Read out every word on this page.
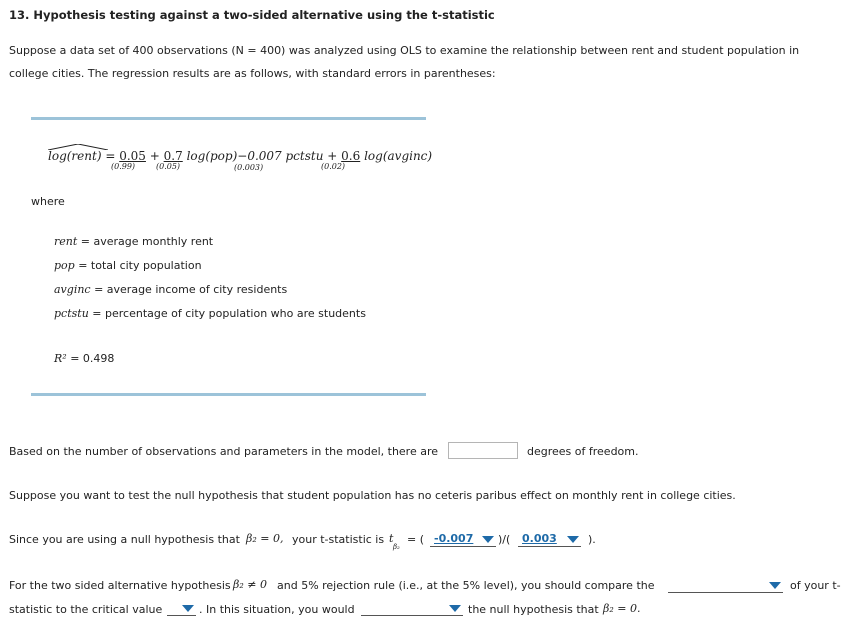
13. Hypothesis testing against a two-sided alternative using the t-statistic
Suppose a data set of 400 observations (N = 400) was analyzed using OLS to examine the relationship between rent and student population in
college cities. The regression results are as follows, with standard errors in parentheses:
log(rent) = 0.05 + 0.7 log(pop)−0.007 pctstu + 0.6 log(avginc)
(0.99)	(0.05)	(0.003)	(0.02)
where
rent = average monthly rent
pop = total city population
avginc = average income of city residents
pctstu = percentage of city population who are students
R² = 0.498
Based on the number of observations and parameters in the model, there are	degrees of freedom.
Suppose you want to test the null hypothesis that student population has no ceteris paribus effect on monthly rent in college cities.
Since you are using a null hypothesis that β₂ = 0, your t-statistic is t
β₂
= ( -0.007 )/( 0.003	).
For the two sided alternative hypothesis β₂ ≠ 0 and 5% rejection rule (i.e., at the 5% level), you should compare the	of your t-
statistic to the critical value	. In this situation, you would	the null hypothesis that β₂ = 0.
